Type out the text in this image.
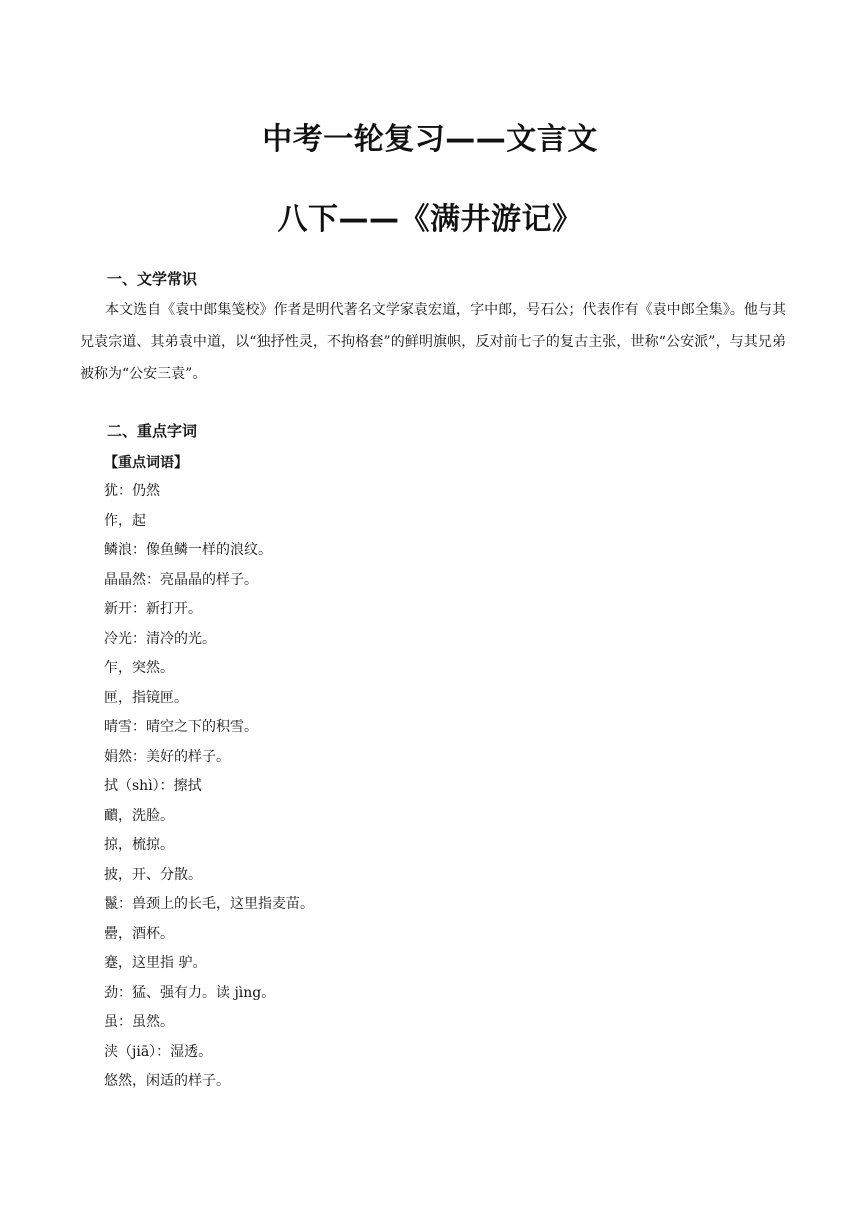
中考一轮复习——文言文
八下——《满井游记》
一、文学常识

本文选自《袁中郎集笺校》作者是明代著名文学家袁宏道，字中郎，号石公；代表作有《袁中郎全集》。他与其兄袁宗道、其弟袁中道，以“独抒性灵，不拘格套”的鲜明旗帜，反对前七子的复古主张，世称“公安派”，与其兄弟被称为“公安三袁”。

二、重点字词
【重点词语】
犹：仍然
作，起
鳞浪：像鱼鳞一样的浪纹。
晶晶然：亮晶晶的样子。
新开：新打开。
冷光：清冷的光。
乍，突然。
匣，指镜匣。
晴雪：晴空之下的积雪。
娟然：美好的样子。
拭（shì）：擦拭
靧，洗脸。
掠，梳掠。
披，开、分散。
鬣：兽颈上的长毛，这里指麦苗。
罍，酒杯。
蹇，这里指 驴。
劲：猛、强有力。读 jìng。
虽：虽然。
浃（jiā）：湿透。
悠然，闲适的样子。
